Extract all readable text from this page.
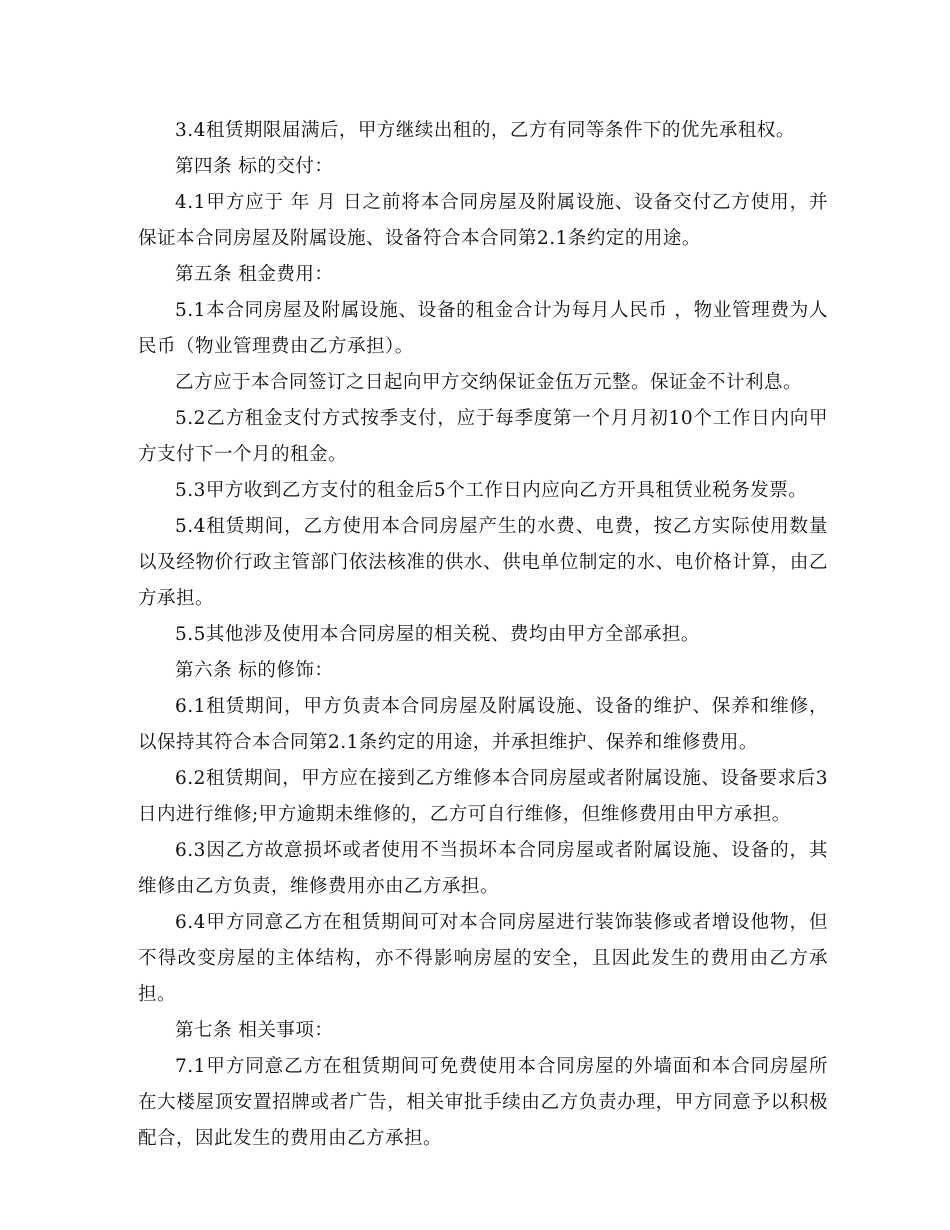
3.4租赁期限届满后，甲方继续出租的，乙方有同等条件下的优先承租权。

第四条 标的交付：

4.1甲方应于 年 月 日之前将本合同房屋及附属设施、设备交付乙方使用，并保证本合同房屋及附属设施、设备符合本合同第2.1条约定的用途。

第五条 租金费用：

5.1本合同房屋及附属设施、设备的租金合计为每月人民币 ，物业管理费为人民币（物业管理费由乙方承担）。

乙方应于本合同签订之日起向甲方交纳保证金伍万元整。保证金不计利息。

5.2乙方租金支付方式按季支付，应于每季度第一个月月初10个工作日内向甲方支付下一个月的租金。

5.3甲方收到乙方支付的租金后5个工作日内应向乙方开具租赁业税务发票。

5.4租赁期间，乙方使用本合同房屋产生的水费、电费，按乙方实际使用数量以及经物价行政主管部门依法核准的供水、供电单位制定的水、电价格计算，由乙方承担。

5.5其他涉及使用本合同房屋的相关税、费均由甲方全部承担。

第六条 标的修饰：

6.1租赁期间，甲方负责本合同房屋及附属设施、设备的维护、保养和维修，以保持其符合本合同第2.1条约定的用途，并承担维护、保养和维修费用。

6.2租赁期间，甲方应在接到乙方维修本合同房屋或者附属设施、设备要求后3日内进行维修;甲方逾期未维修的，乙方可自行维修，但维修费用由甲方承担。

6.3因乙方故意损坏或者使用不当损坏本合同房屋或者附属设施、设备的，其维修由乙方负责，维修费用亦由乙方承担。

6.4甲方同意乙方在租赁期间可对本合同房屋进行装饰装修或者增设他物，但不得改变房屋的主体结构，亦不得影响房屋的安全，且因此发生的费用由乙方承担。

第七条 相关事项：

7.1甲方同意乙方在租赁期间可免费使用本合同房屋的外墙面和本合同房屋所在大楼屋顶安置招牌或者广告，相关审批手续由乙方负责办理，甲方同意予以积极配合，因此发生的费用由乙方承担。
